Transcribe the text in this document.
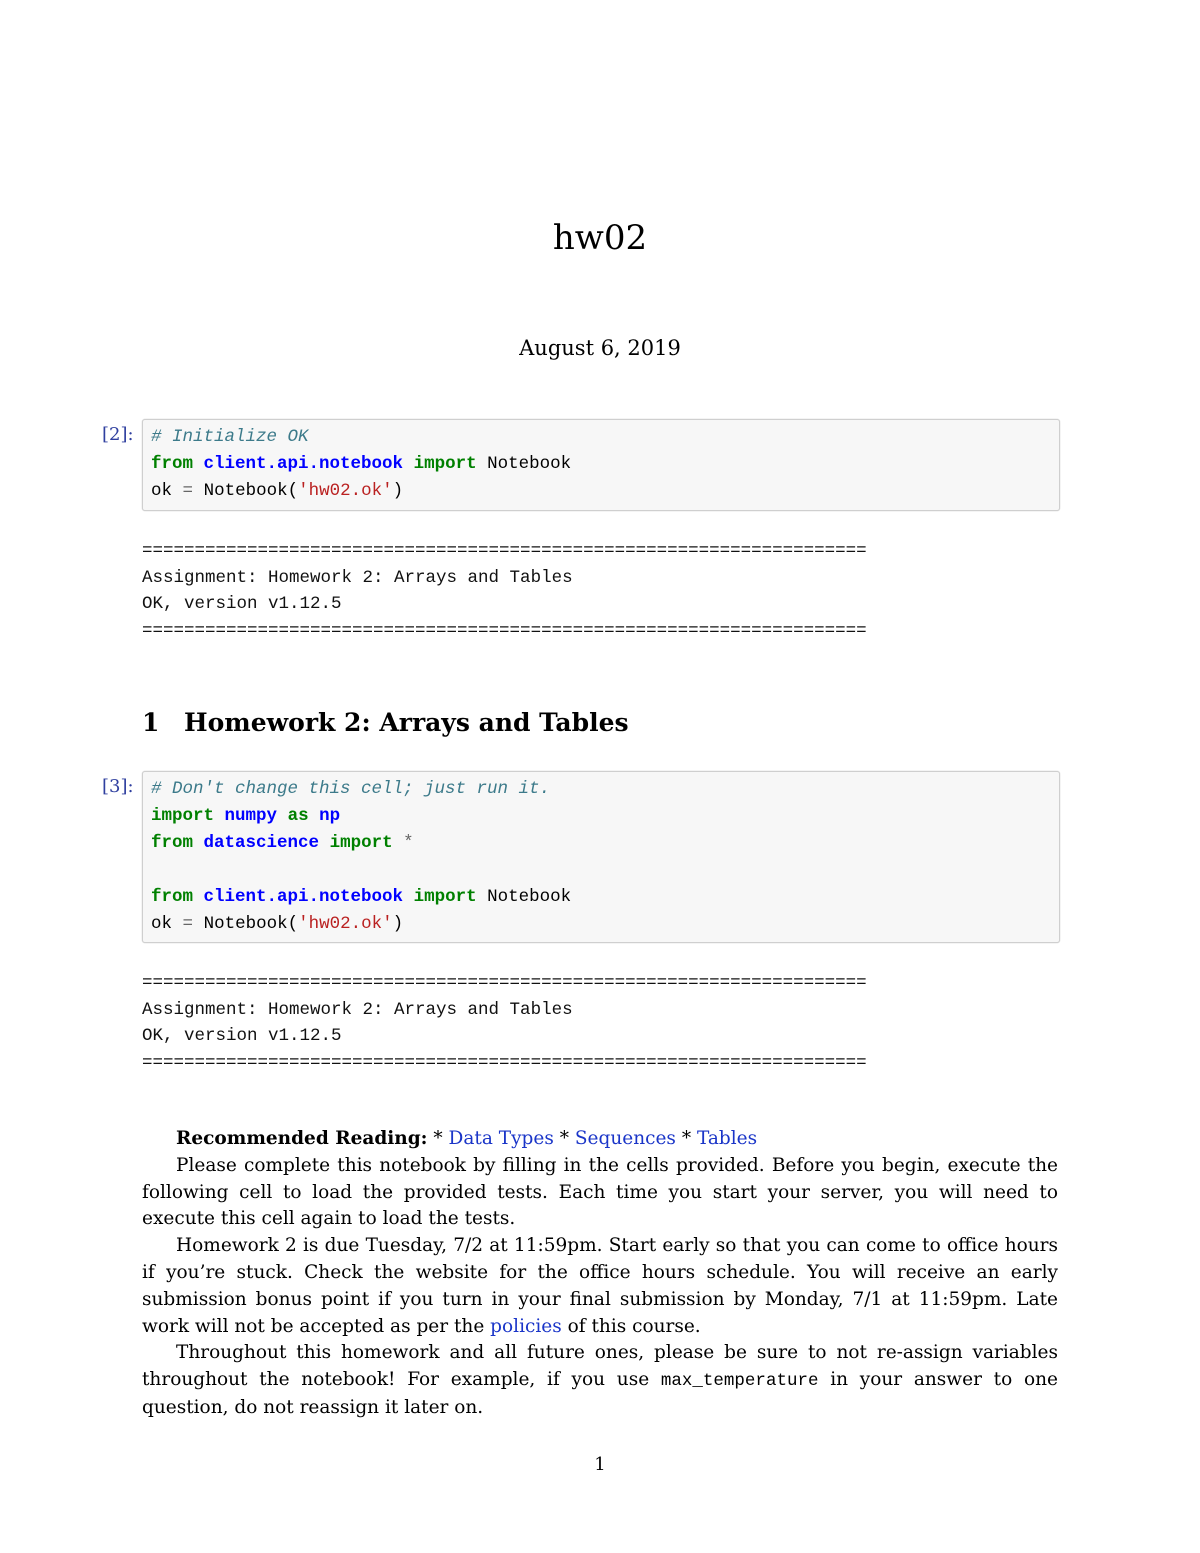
hw02
August 6, 2019
[2]: # Initialize OK
from client.api.notebook import Notebook
ok = Notebook('hw02.ok')
=====================================================================
Assignment: Homework 2: Arrays and Tables
OK, version v1.12.5
=====================================================================
1 Homework 2: Arrays and Tables
[3]: # Don't change this cell; just run it.
import numpy as np
from datascience import *

from client.api.notebook import Notebook
ok = Notebook('hw02.ok')
=====================================================================
Assignment: Homework 2: Arrays and Tables
OK, version v1.12.5
=====================================================================

Recommended Reading: * Data Types * Sequences * Tables

Please complete this notebook by filling in the cells provided. Before you begin, execute the following cell to load the provided tests. Each time you start your server, you will need to execute this cell again to load the tests.

Homework 2 is due Tuesday, 7/2 at 11:59pm. Start early so that you can come to office hours if you’re stuck. Check the website for the office hours schedule. You will receive an early submission bonus point if you turn in your final submission by Monday, 7/1 at 11:59pm. Late work will not be accepted as per the policies of this course.

Throughout this homework and all future ones, please be sure to not re-assign variables throughout the notebook! For example, if you use max_temperature in your answer to one question, do not reassign it later on.

1
